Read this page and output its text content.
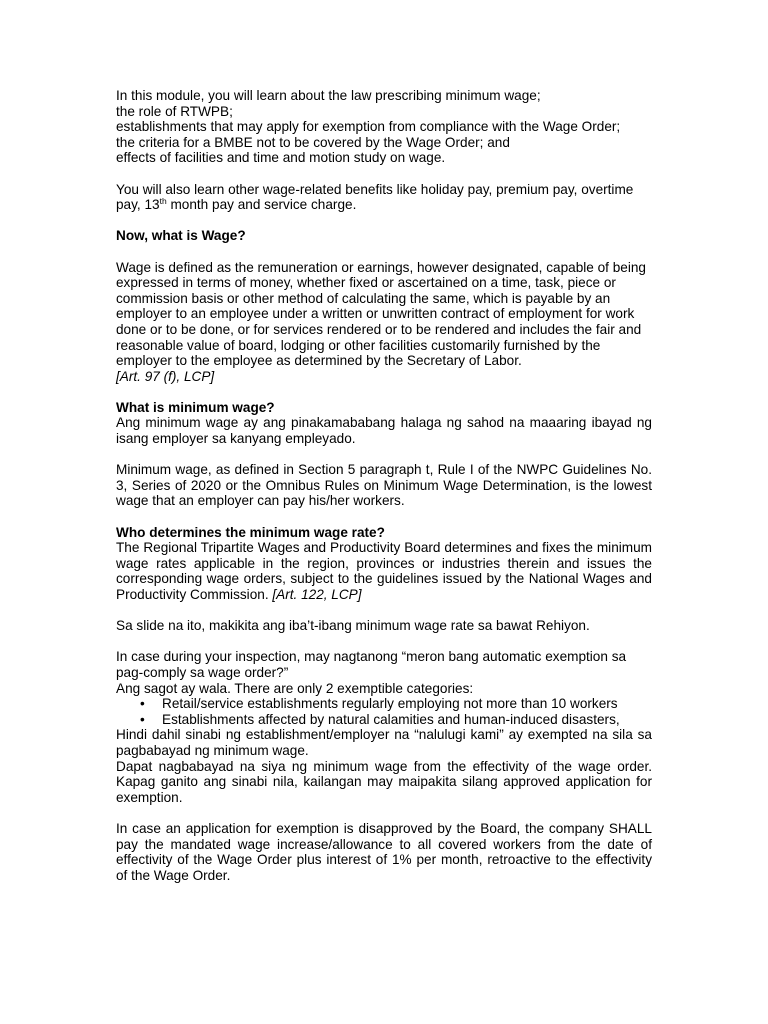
In this module, you will learn about the law prescribing minimum wage;

the role of RTWPB;

establishments that may apply for exemption from compliance with the Wage Order;

the criteria for a BMBE not to be covered by the Wage Order; and

effects of facilities and time and motion study on wage.

You will also learn other wage-related benefits like holiday pay, premium pay, overtime pay, 13th month pay and service charge.

Now, what is Wage?

Wage is defined as the remuneration or earnings, however designated, capable of being expressed in terms of money, whether fixed or ascertained on a time, task, piece or commission basis or other method of calculating the same, which is payable by an employer to an employee under a written or unwritten contract of employment for work done or to be done, or for services rendered or to be rendered and includes the fair and reasonable value of board, lodging or other facilities customarily furnished by the employer to the employee as determined by the Secretary of Labor.

[Art. 97 (f), LCP]

What is minimum wage?

Ang minimum wage ay ang pinakamababang halaga ng sahod na maaaring ibayad ng isang employer sa kanyang empleyado.

Minimum wage, as defined in Section 5 paragraph t, Rule I of the NWPC Guidelines No. 3, Series of 2020 or the Omnibus Rules on Minimum Wage Determination, is the lowest wage that an employer can pay his/her workers.

Who determines the minimum wage rate?

The Regional Tripartite Wages and Productivity Board determines and fixes the minimum wage rates applicable in the region, provinces or industries therein and issues the corresponding wage orders, subject to the guidelines issued by the National Wages and Productivity Commission. [Art. 122, LCP]

Sa slide na ito, makikita ang iba’t-ibang minimum wage rate sa bawat Rehiyon.

In case during your inspection, may nagtanong “meron bang automatic exemption sa pag-comply sa wage order?”

Ang sagot ay wala. There are only 2 exemptible categories:

• Retail/service establishments regularly employing not more than 10 workers
• Establishments affected by natural calamities and human-induced disasters,

Hindi dahil sinabi ng establishment/employer na “nalulugi kami” ay exempted na sila sa pagbabayad ng minimum wage.

Dapat nagbabayad na siya ng minimum wage from the effectivity of the wage order. Kapag ganito ang sinabi nila, kailangan may maipakita silang approved application for exemption.

In case an application for exemption is disapproved by the Board, the company SHALL pay the mandated wage increase/allowance to all covered workers from the date of effectivity of the Wage Order plus interest of 1% per month, retroactive to the effectivity of the Wage Order.
